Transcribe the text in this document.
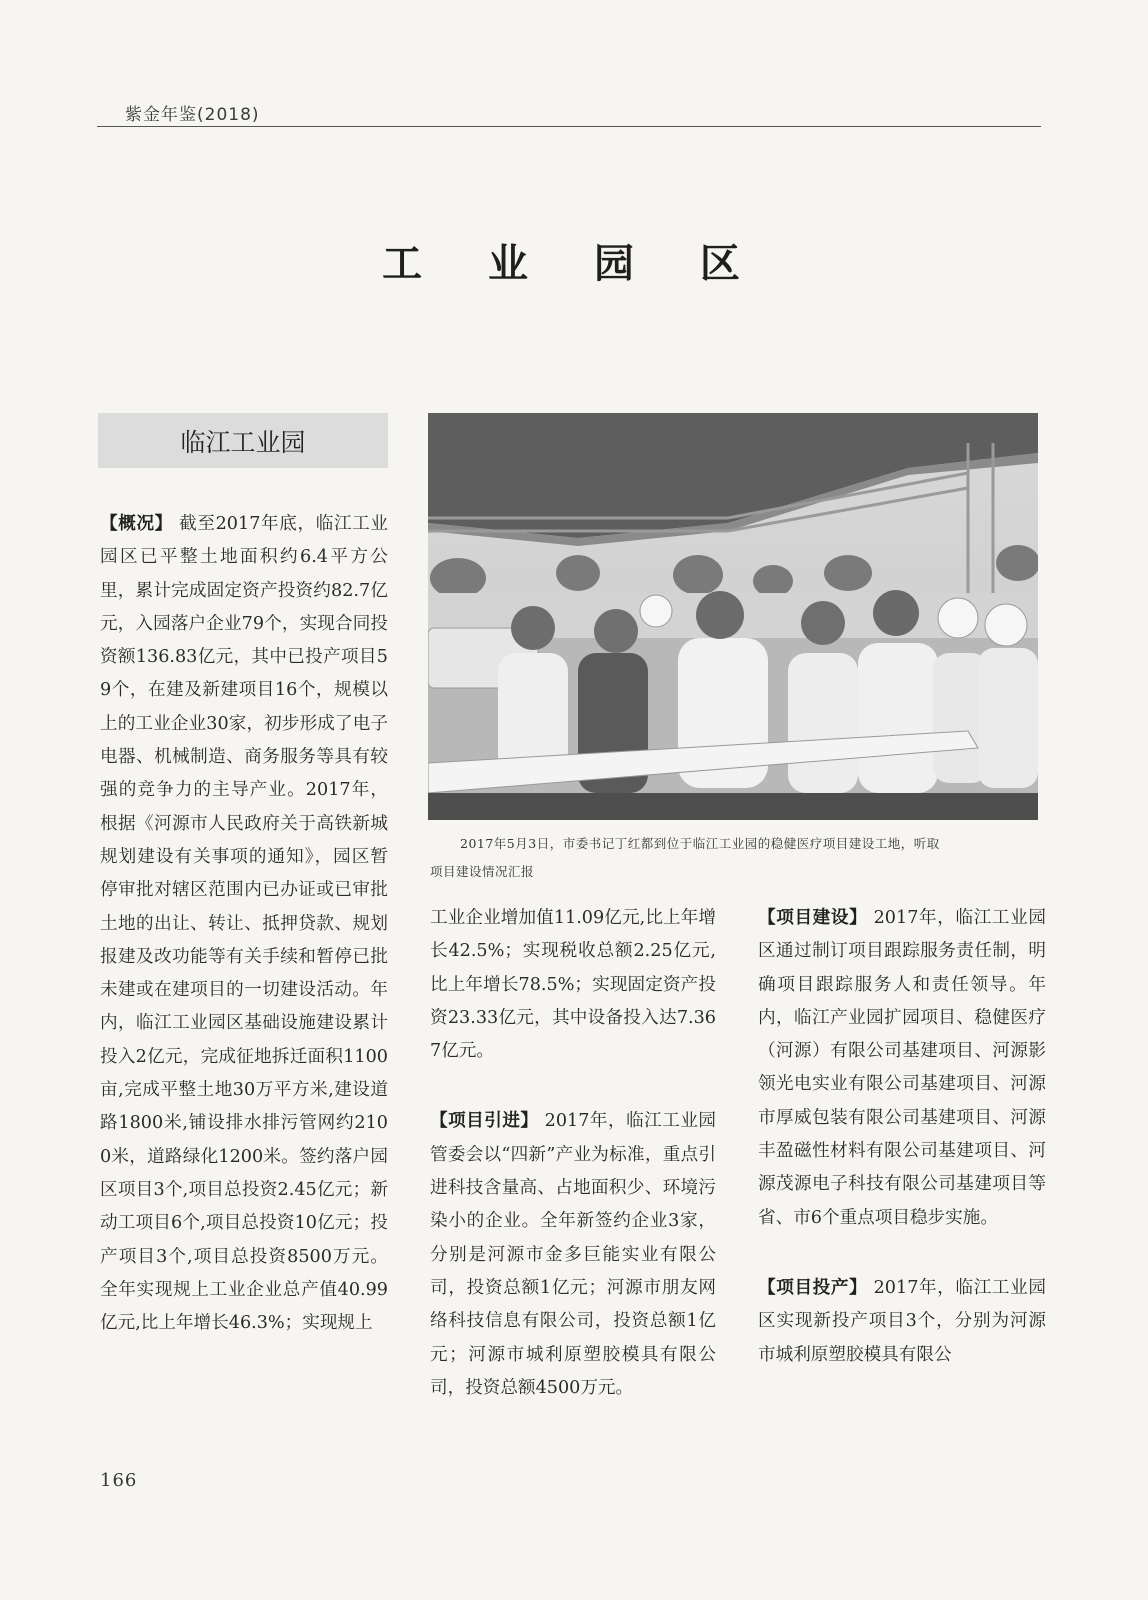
紫金年鉴(2018)
工 业 园 区
临江工业园

【概况】 截至2017年底，临江工业园区已平整土地面积约6.4平方公里，累计完成固定资产投资约82.7亿元，入园落户企业79个，实现合同投资额136.83亿元，其中已投产项目59个，在建及新建项目16个，规模以上的工业企业30家，初步形成了电子电器、机械制造、商务服务等具有较强的竞争力的主导产业。2017年，根据《河源市人民政府关于高铁新城规划建设有关事项的通知》，园区暂停审批对辖区范围内已办证或已审批土地的出让、转让、抵押贷款、规划报建及改功能等有关手续和暂停已批未建或在建项目的一切建设活动。年内，临江工业园区基础设施建设累计投入2亿元，完成征地拆迁面积1100亩,完成平整土地30万平方米,建设道路1800米,铺设排水排污管网约2100米，道路绿化1200米。签约落户园区项目3个,项目总投资2.45亿元；新动工项目6个,项目总投资10亿元；投产项目3个,项目总投资8500万元。全年实现规上工业企业总产值40.99亿元,比上年增长46.3%；实现规上

2017年5月3日，市委书记丁红都到位于临江工业园的稳健医疗项目建设工地，听取
项目建设情况汇报

工业企业增加值11.09亿元,比上年增长42.5%；实现税收总额2.25亿元,比上年增长78.5%；实现固定资产投资23.33亿元，其中设备投入达7.367亿元。

【项目引进】 2017年，临江工业园管委会以“四新”产业为标准，重点引进科技含量高、占地面积少、环境污染小的企业。全年新签约企业3家，分别是河源市金多巨能实业有限公司，投资总额1亿元；河源市朋友网络科技信息有限公司，投资总额1亿元；河源市城利原塑胶模具有限公司，投资总额4500万元。

【项目建设】 2017年，临江工业园区通过制订项目跟踪服务责任制，明确项目跟踪服务人和责任领导。年内，临江产业园扩园项目、稳健医疗（河源）有限公司基建项目、河源影领光电实业有限公司基建项目、河源市厚威包装有限公司基建项目、河源丰盈磁性材料有限公司基建项目、河源茂源电子科技有限公司基建项目等省、市6个重点项目稳步实施。

【项目投产】 2017年，临江工业园区实现新投产项目3个，分别为河源市城利原塑胶模具有限公

166
